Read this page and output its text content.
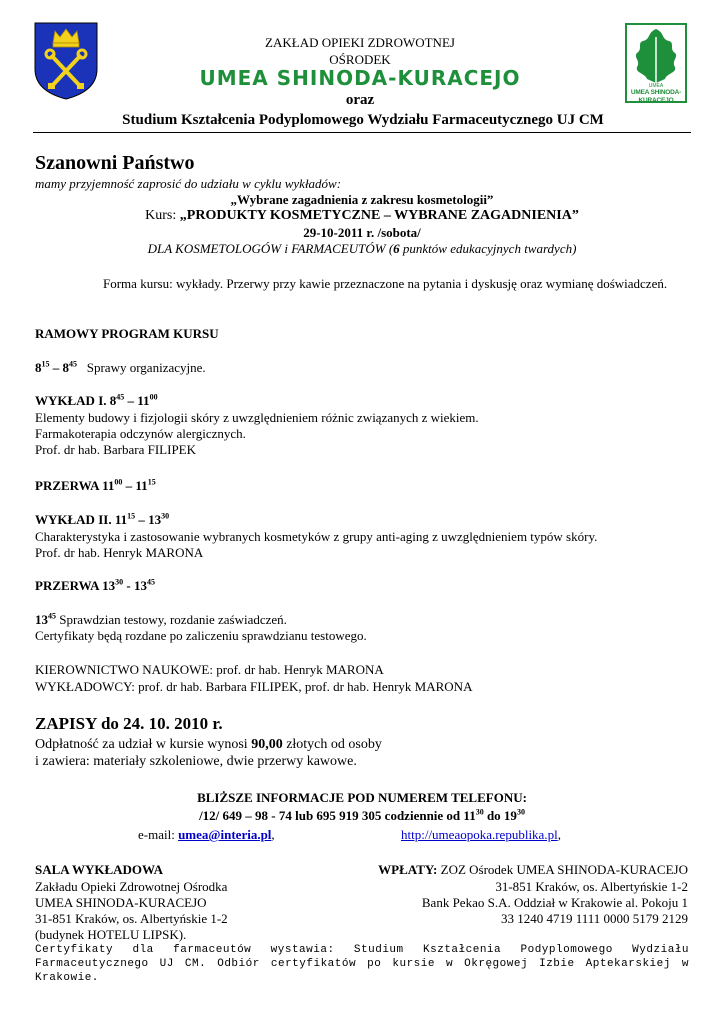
UMEA
UMEA SHINODA-KURACEJO
ZAKŁAD OPIEKI ZDROWOTNEJ
OŚRODEK
UMEA SHINODA-KURACEJO
oraz
Studium Kształcenia Podyplomowego Wydziału Farmaceutycznego UJ CM
Szanowni Państwo
mamy przyjemność zaprosić do udziału w cyklu wykładów:
„Wybrane zagadnienia z zakresu kosmetologii”
Kurs: „PRODUKTY KOSMETYCZNE – WYBRANE ZAGADNIENIA”
29-10-2011 r. /sobota/
DLA KOSMETOLOGÓW i FARMACEUTÓW (6 punktów edukacyjnych twardych)
Forma kursu: wykłady. Przerwy przy kawie przeznaczone na pytania i dyskusję oraz wymianę doświadczeń.
RAMOWY PROGRAM KURSU
$8^{15} - 8^{45}$ Sprawy organizacyjne.
WYKŁAD I. $8^{45} - 11^{00}$
Elementy budowy i fizjologii skóry z uwzględnieniem różnic związanych z wiekiem.
Farmakoterapia odczynów alergicznych.
Prof. dr hab. Barbara FILIPEK
PRZERWA $11^{00} - 11^{15}$
WYKŁAD II. $11^{15} - 13^{30}$
Charakterystyka i zastosowanie wybranych kosmetyków z grupy anti-aging z uwzględnieniem typów skóry.
Prof. dr hab. Henryk MARONA
PRZERWA $13^{30} - 13^{45}$
$13^{45}$ Sprawdzian testowy, rozdanie zaświadczeń.
Certyfikaty będą rozdane po zaliczeniu sprawdzianu testowego.
KIEROWNICTWO NAUKOWE: prof. dr hab. Henryk MARONA
WYKŁADOWCY: prof. dr hab. Barbara FILIPEK, prof. dr hab. Henryk MARONA
ZAPISY do 24. 10. 2010 r.
Odpłatność za udział w kursie wynosi 90,00 złotych od osoby
i zawiera: materiały szkoleniowe, dwie przerwy kawowe.
BLIŻSZE INFORMACJE POD NUMEREM TELEFONU:
/12/ 649 – 98 - 74 lub 695 919 305 codziennie od $11^{30}$ do $19^{30}$
e-mail: umea@interia.pl,	http://umeaopoka.republika.pl,
SALA WYKŁADOWA
Zakładu Opieki Zdrowotnej Ośrodka
UMEA SHINODA-KURACEJO
31-851 Kraków, os. Albertyńskie 1-2
(budynek HOTELU LIPSK).
WPŁATY: ZOZ Ośrodek UMEA SHINODA-KURACEJO
31-851 Kraków, os. Albertyńskie 1-2
Bank Pekao S.A. Oddział w Krakowie al. Pokoju 1
33 1240 4719 1111 0000 5179 2129
Certyfikaty dla farmaceutów wystawia: Studium Kształcenia Podyplomowego Wydziału Farmaceutycznego UJ CM. Odbiór certyfikatów po kursie w Okręgowej Izbie Aptekarskiej w Krakowie.
